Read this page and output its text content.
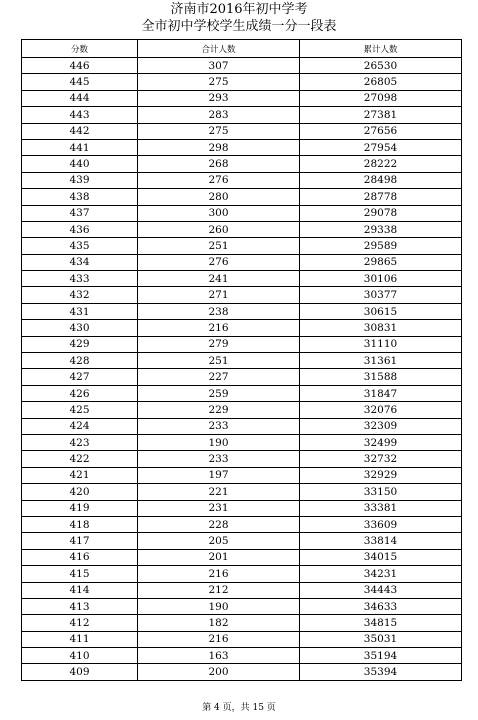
济南市2016年初中学考
全市初中学校学生成绩一分一段表
分数	合计人数	累计人数
446	307	26530
445	275	26805
444	293	27098
443	283	27381
442	275	27656
441	298	27954
440	268	28222
439	276	28498
438	280	28778
437	300	29078
436	260	29338
435	251	29589
434	276	29865
433	241	30106
432	271	30377
431	238	30615
430	216	30831
429	279	31110
428	251	31361
427	227	31588
426	259	31847
425	229	32076
424	233	32309
423	190	32499
422	233	32732
421	197	32929
420	221	33150
419	231	33381
418	228	33609
417	205	33814
416	201	34015
415	216	34231
414	212	34443
413	190	34633
412	182	34815
411	216	35031
410	163	35194
409	200	35394
第 4 页，共 15 页
